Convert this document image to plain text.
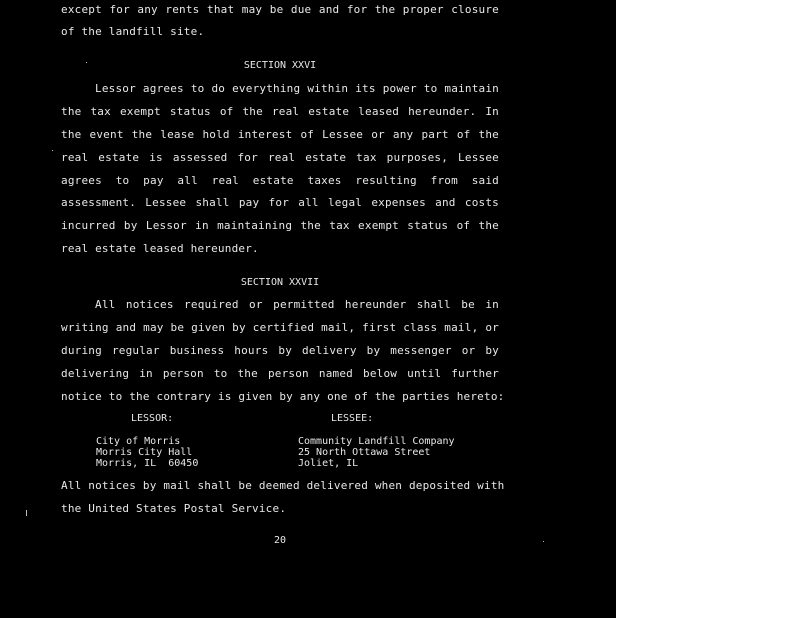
except for any rents that may be due and for the proper closure
of the landfill site.
SECTION XXVI
Lessor agrees to do everything within its power to maintain
the tax exempt status of the real estate leased hereunder. In
the event the lease hold interest of Lessee or any part of the
real estate is assessed for real estate tax purposes, Lessee
agrees to pay all real estate taxes resulting from said
assessment. Lessee shall pay for all legal expenses and costs
incurred by Lessor in maintaining the tax exempt status of the
real estate leased hereunder.
SECTION XXVII
All notices required or permitted hereunder shall be in
writing and may be given by certified mail, first class mail, or
during regular business hours by delivery by messenger or by
delivering in person to the person named below until further
notice to the contrary is given by any one of the parties hereto:
LESSOR:	LESSEE:
City of Morris
Morris City Hall
Morris, IL  60450
Community Landfill Company
25 North Ottawa Street
Joliet, IL
All notices by mail shall be deemed delivered when deposited with
the United States Postal Service.
20
